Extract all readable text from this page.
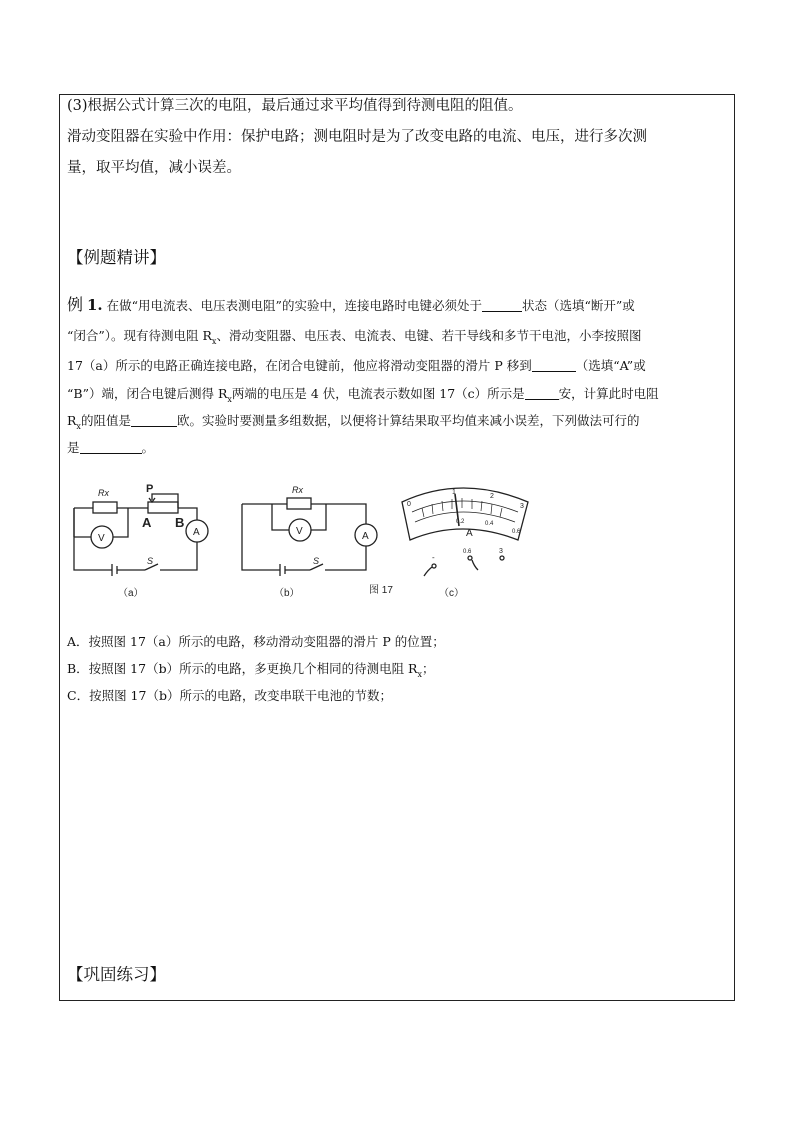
(3)根据公式计算三次的电阻，最后通过求平均值得到待测电阻的阻值。
滑动变阻器在实验中作用：保护电路；测电阻时是为了改变电路的电流、电压，进行多次测
量，取平均值，减小误差。
【例题精讲】
例 1. 在做“用电流表、电压表测电阻”的实验中，连接电路时电键必须处于	状态（选填“断开”或
“闭合”）。现有待测电阻 $R_x$、滑动变阻器、电压表、电流表、电键、若干导线和多节干电池，小李按照图
17（a）所示的电路正确连接电路，在闭合电键前，他应将滑动变阻器的滑片 P 移到	（选填“A”或
“B”）端，闭合电键后测得 $R_x$两端的电压是 4 伏，电流表示数如图 17（c）所示是	安，计算此时电阻
$R_x$的阻值是	欧。实验时要测量多组数据，以便将计算结果取平均值来减小误差，下列做法可行的
是	。
Rx	P
A B
V
A
S
Rx
V	A
S
0
1
2
3
0.2	0.4
0.6
A
-
0.6	3
（a）	（b）	图 17	（c）
A．按照图 17（a）所示的电路，移动滑动变阻器的滑片 P 的位置；
B．按照图 17（b）所示的电路，多更换几个相同的待测电阻 $R_x$；
C．按照图 17（b）所示的电路，改变串联干电池的节数；
【巩固练习】
